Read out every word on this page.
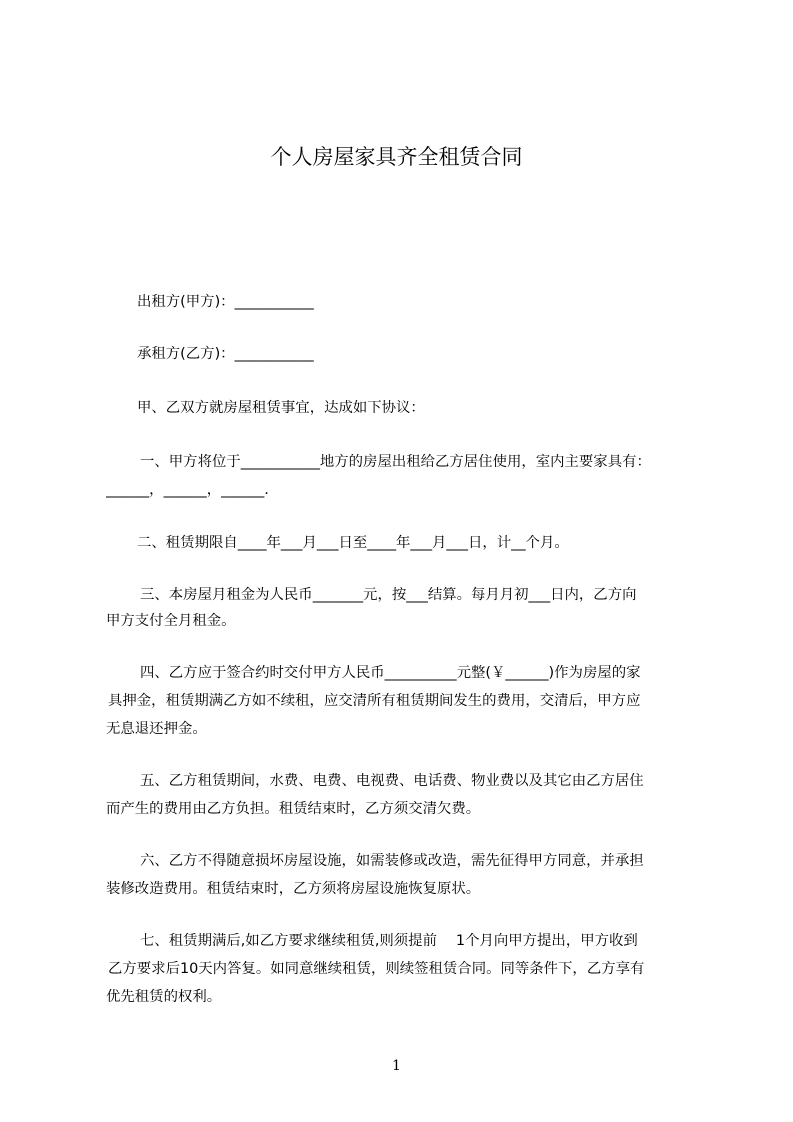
个人房屋家具齐全租赁合同
出租方(甲方)：___________
承租方(乙方)：___________
甲、乙双方就房屋租赁事宜，达成如下协议：
一、甲方将位于___________地方的房屋出租给乙方居住使用，室内主要家具有：
______，______，______.
二、租赁期限自____年___月___日至____年___月___日，计__个月。
三、本房屋月租金为人民币_______元，按___结算。每月月初___日内，乙方向
甲方支付全月租金。
四、乙方应于签合约时交付甲方人民币__________元整(￥______)作为房屋的家
具押金，租赁期满乙方如不续租，应交清所有租赁期间发生的费用，交清后，甲方应
无息退还押金。
五、乙方租赁期间，水费、电费、电视费、电话费、物业费以及其它由乙方居住
而产生的费用由乙方负担。租赁结束时，乙方须交清欠费。
六、乙方不得随意损坏房屋设施，如需装修或改造，需先征得甲方同意，并承担
装修改造费用。租赁结束时，乙方须将房屋设施恢复原状。
七、租赁期满后,如乙方要求继续租赁,则须提前　 1个月向甲方提出，甲方收到
乙方要求后10天内答复。如同意继续租赁，则续签租赁合同。同等条件下，乙方享有
优先租赁的权利。
1
